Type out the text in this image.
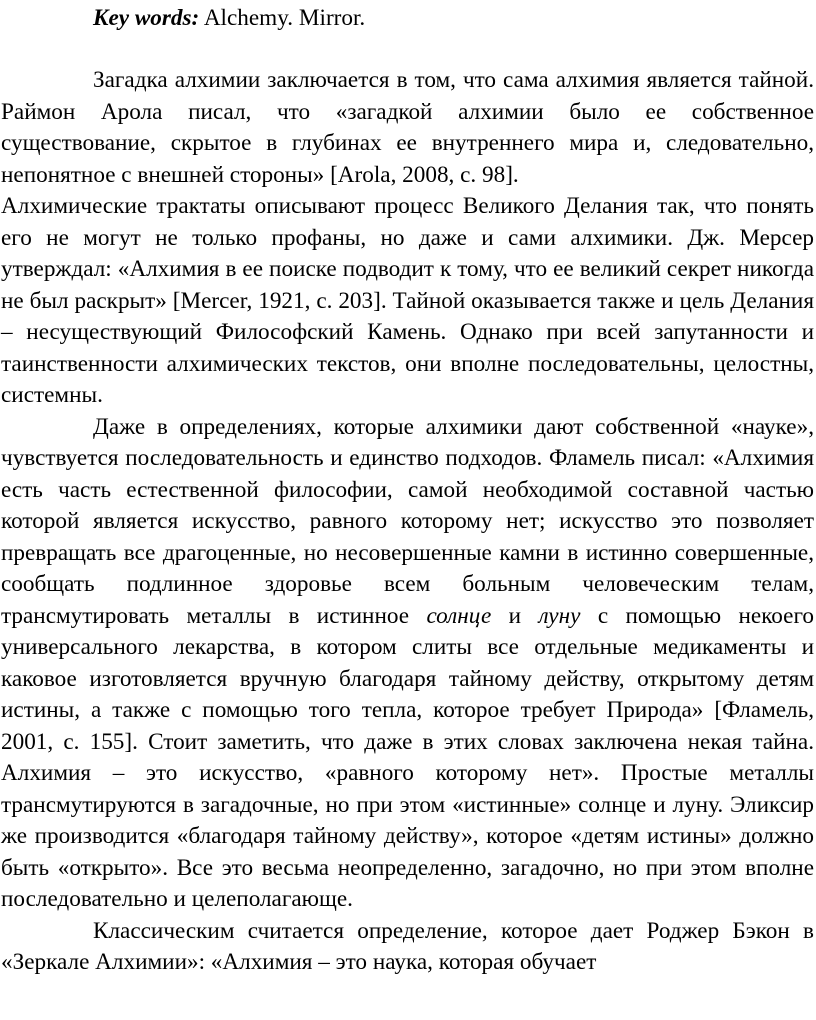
Key words: Alchemy. Mirror.

Загадка алхимии заключается в том, что сама алхимия является тайной. Раймон Арола писал, что «загадкой алхимии было ее собственное существование, скрытое в глубинах ее внутреннего мира и, следовательно, непонятное с внешней стороны» [Arola, 2008, с. 98].

Алхимические трактаты описывают процесс Великого Делания так, что понять его не могут не только профаны, но даже и сами алхимики. Дж. Мерсер утверждал: «Алхимия в ее поиске подводит к тому, что ее великий секрет никогда не был раскрыт» [Mercer, 1921, с. 203]. Тайной оказывается также и цель Делания – несуществующий Философский Камень. Однако при всей запутанности и таинственности алхимических текстов, они вполне последовательны, целостны, системны.

Даже в определениях, которые алхимики дают собственной «науке», чувствуется последовательность и единство подходов. Фламель писал: «Алхимия есть часть естественной философии, самой необходимой составной частью которой является искусство, равного которому нет; искусство это позволяет превращать все драгоценные, но несовершенные камни в истинно совершенные, сообщать подлинное здоровье всем больным человеческим телам, трансмутировать металлы в истинное солнце и луну с помощью некоего универсального лекарства, в котором слиты все отдельные медикаменты и каковое изготовляется вручную благодаря тайному действу, открытому детям истины, а также с помощью того тепла, которое требует Природа» [Фламель, 2001, с. 155]. Стоит заметить, что даже в этих словах заключена некая тайна. Алхимия – это искусство, «равного которому нет». Простые металлы трансмутируются в загадочные, но при этом «истинные» солнце и луну. Эликсир же производится «благодаря тайному действу», которое «детям истины» должно быть «открыто». Все это весьма неопределенно, загадочно, но при этом вполне последовательно и целеполагающе.

Классическим считается определение, которое дает Роджер Бэкон в «Зеркале Алхимии»: «Алхимия – это наука, которая обучает
